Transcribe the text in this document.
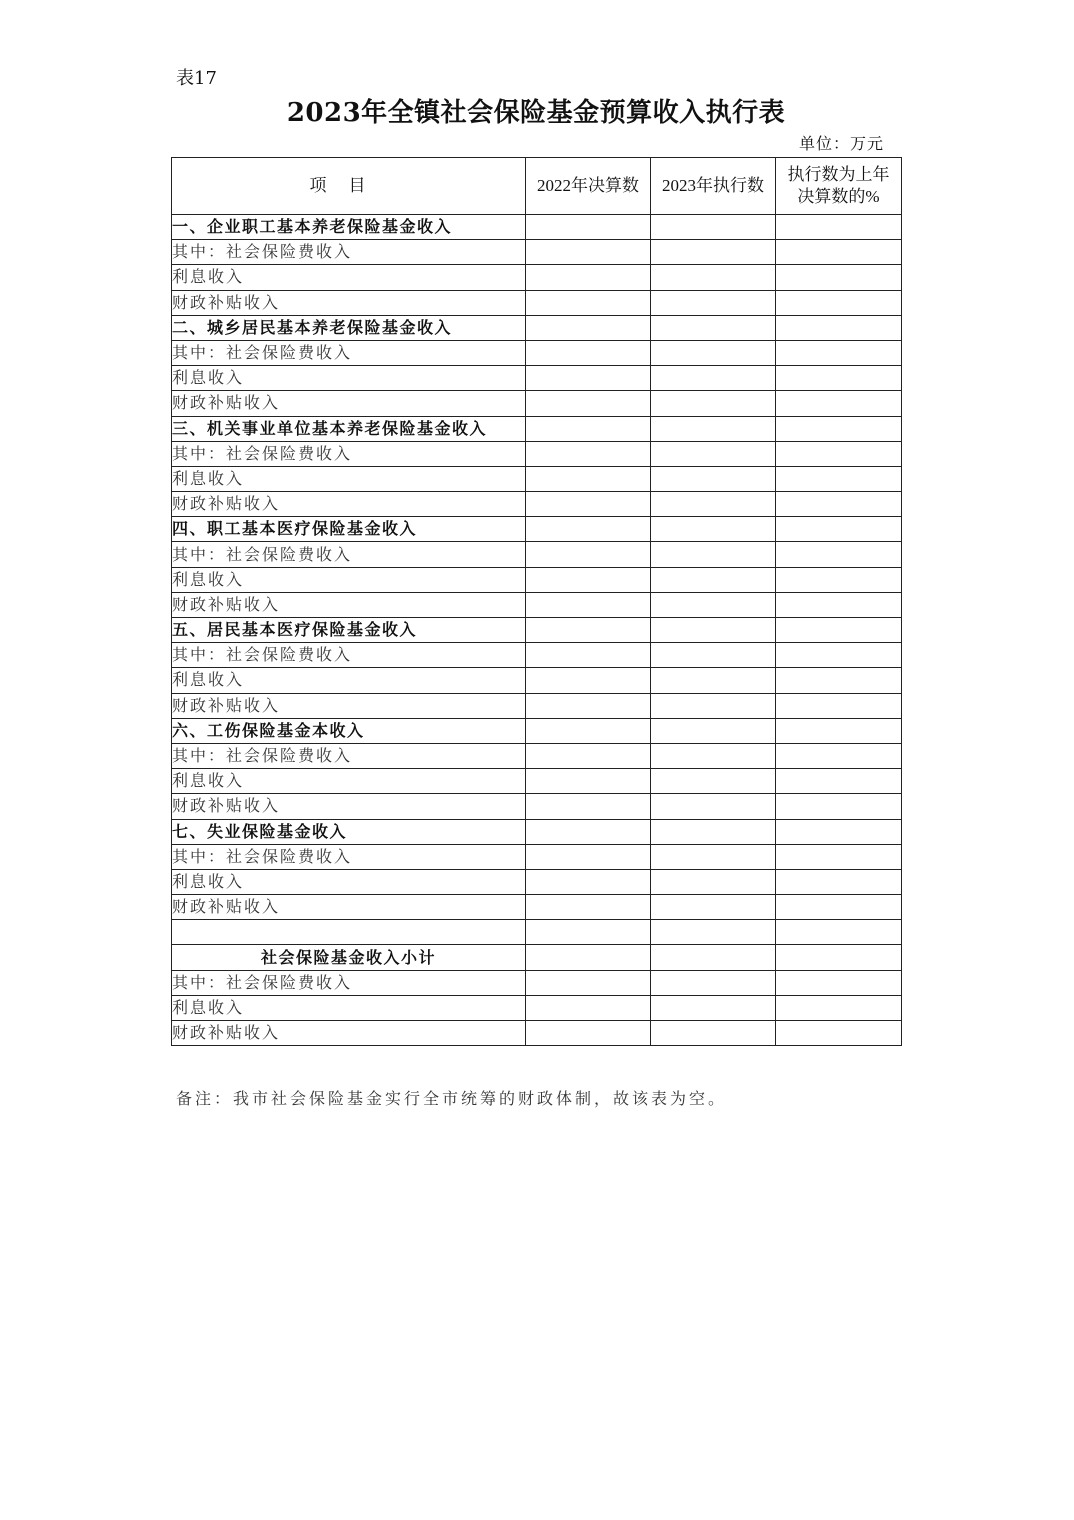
表17
2023年全镇社会保险基金预算收入执行表
单位：万元
项目	2022年决算数	2023年执行数	执行数为上年
决算数的%

一、企业职工基本养老保险基金收入			
其中：社会保险费收入			
利息收入			
财政补贴收入			
二、城乡居民基本养老保险基金收入			
其中：社会保险费收入			
利息收入			
财政补贴收入			
三、机关事业单位基本养老保险基金收入			
其中：社会保险费收入			
利息收入			
财政补贴收入			
四、职工基本医疗保险基金收入			
其中：社会保险费收入			
利息收入			
财政补贴收入			
五、居民基本医疗保险基金收入			
其中：社会保险费收入			
利息收入			
财政补贴收入			
六、工伤保险基金本收入			
其中：社会保险费收入			
利息收入			
财政补贴收入			
七、失业保险基金收入			
其中：社会保险费收入			
利息收入			
财政补贴收入			

社会保险基金收入小计			
其中：社会保险费收入			
利息收入			
财政补贴收入			
备注：我市社会保险基金实行全市统筹的财政体制，故该表为空。
